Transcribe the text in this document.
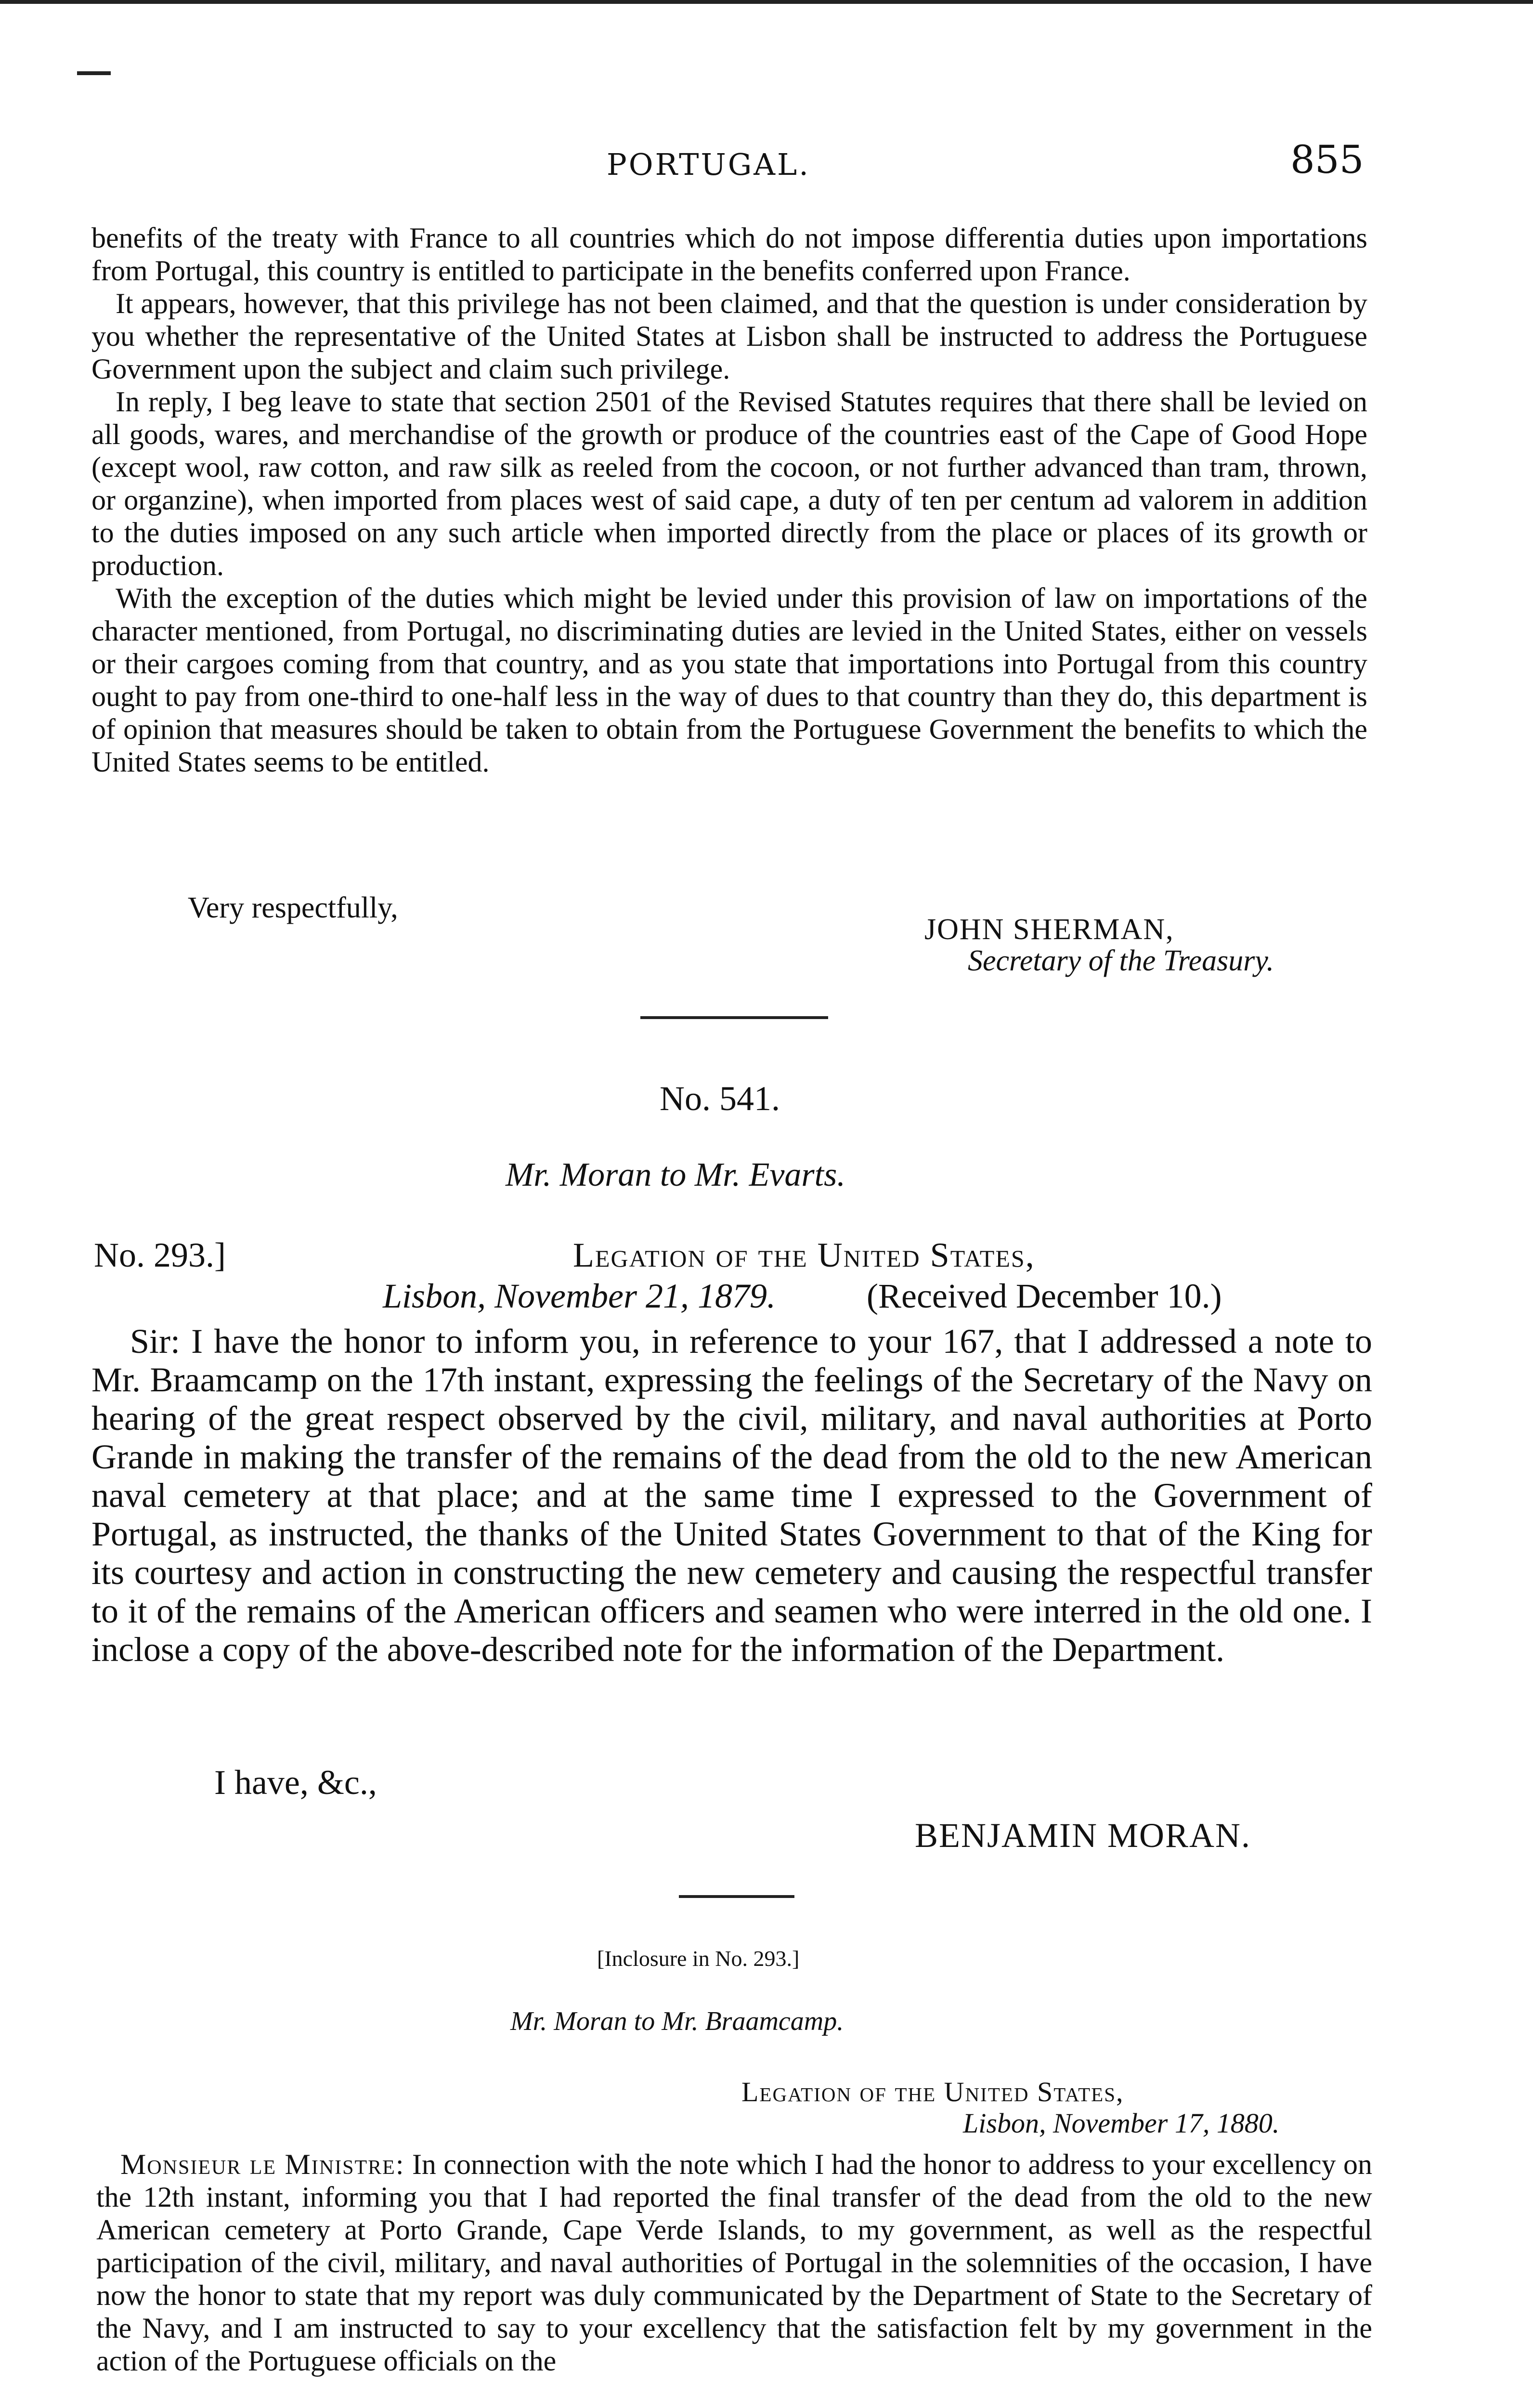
PORTUGAL.	855

benefits of the treaty with France to all countries which do not impose differentia duties upon importations from Portugal, this country is entitled to participate in the benefits conferred upon France.

It appears, however, that this privilege has not been claimed, and that the question is under consideration by you whether the representative of the United States at Lisbon shall be instructed to address the Portuguese Government upon the subject and claim such privilege.

In reply, I beg leave to state that section 2501 of the Revised Statutes requires that there shall be levied on all goods, wares, and merchandise of the growth or produce of the countries east of the Cape of Good Hope (except wool, raw cotton, and raw silk as reeled from the cocoon, or not further advanced than tram, thrown, or organzine), when imported from places west of said cape, a duty of ten per centum ad valorem in addition to the duties imposed on any such article when imported directly from the place or places of its growth or production.

With the exception of the duties which might be levied under this provision of law on importations of the character mentioned, from Portugal, no discriminating duties are levied in the United States, either on vessels or their cargoes coming from that country, and as you state that importations into Portugal from this country ought to pay from one-third to one-half less in the way of dues to that country than they do, this department is of opinion that measures should be taken to obtain from the Portuguese Government the benefits to which the United States seems to be entitled.

Very respectfully,
JOHN SHERMAN,
Secretary of the Treasury.
No. 541.
Mr. Moran to Mr. Evarts.
No. 293.]	Legation of the United States,
Lisbon, November 21, 1879.	(Received December 10.)

Sir: I have the honor to inform you, in reference to your 167, that I addressed a note to Mr. Braamcamp on the 17th instant, expressing the feelings of the Secretary of the Navy on hearing of the great respect observed by the civil, military, and naval authorities at Porto Grande in making the transfer of the remains of the dead from the old to the new American naval cemetery at that place; and at the same time I expressed to the Government of Portugal, as instructed, the thanks of the United States Government to that of the King for its courtesy and action in constructing the new cemetery and causing the respectful transfer to it of the remains of the American officers and seamen who were interred in the old one. I inclose a copy of the above-described note for the information of the Department.

I have, &c.,
BENJAMIN MORAN.
[Inclosure in No. 293.]
Mr. Moran to Mr. Braamcamp.
Legation of the United States,
Lisbon, November 17, 1880.

Monsieur le Ministre: In connection with the note which I had the honor to address to your excellency on the 12th instant, informing you that I had reported the final transfer of the dead from the old to the new American cemetery at Porto Grande, Cape Verde Islands, to my government, as well as the respectful participation of the civil, military, and naval authorities of Portugal in the solemnities of the occasion, I have now the honor to state that my report was duly communicated by the Department of State to the Secretary of the Navy, and I am instructed to say to your excellency that the satisfaction felt by my government in the action of the Portuguese officials on the
